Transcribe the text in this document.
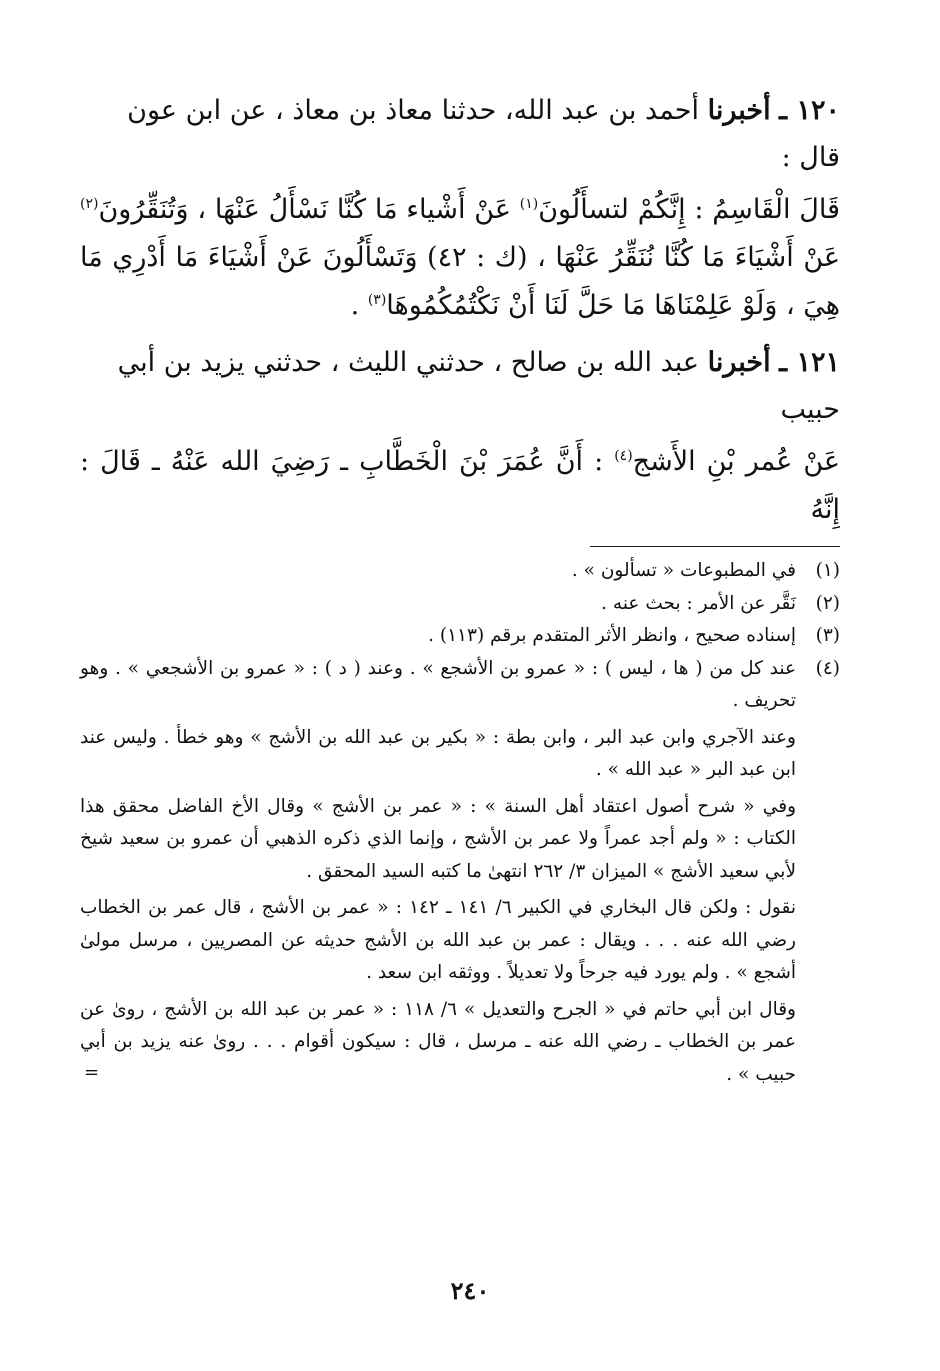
١٢٠ ـ أخبرنا أحمد بن عبد الله، حدثنا معاذ بن معاذ ، عن ابن عون
قال :
قَالَ الْقَاسِمُ : إِنَّكُمْ لتسأَلُونَ$^{(١)}$ عَنْ أَشْياء مَا كُنَّا نَسْأَلُ عَنْهَا ، وَتُنَقِّرُونَ$^{(٢)}$ عَنْ أَشْيَاءَ مَا كُنَّا نُنَقِّرُ عَنْهَا ، (ك : ٤٢) وَتَسْأَلُونَ عَنْ أَشْيَاءَ مَا أَدْرِي مَا هِيَ ، وَلَوْ عَلِمْنَاهَا مَا حَلَّ لَنَا أَنْ نَكْتُمُكُمُوهَا$^{(٣)}$ .
١٢١ ـ أخبرنا عبد الله بن صالح ، حدثني الليث ، حدثني يزيد بن أبي
حبيب
عَنْ عُمر بْنِ الأَشج$^{(٤)}$ : أَنَّ عُمَرَ بْنَ الْخَطَّابِ ـ رَضِيَ الله عَنْهُ ـ قَالَ : إِنَّهُ
(١)

في المطبوعات « تسألون » .

(٢)

نَقَّر عن الأمر : بحث عنه .

(٣)

إسناده صحيح ، وانظر الأثر المتقدم برقم (١١٣) .

(٤)

عند كل من ( ها ، ليس ) : « عمرو بن الأشجع » . وعند ( د ) : « عمرو بن الأشجعي » . وهو تحريف .

وعند الآجري وابن عبد البر ، وابن بطة : « بكير بن عبد الله بن الأشج » وهو خطأ . وليس عند ابن عبد البر « عبد الله » .

وفي « شرح أصول اعتقاد أهل السنة » : « عمر بن الأشج » وقال الأخ الفاضل محقق هذا الكتاب : « ولم أجد عمراً ولا عمر بن الأشج ، وإنما الذي ذكره الذهبي أن عمرو بن سعيد شيخ لأبي سعيد الأشج » الميزان ٣/ ٢٦٢ انتهىٰ ما كتبه السيد المحقق .

نقول : ولكن قال البخاري في الكبير ٦/ ١٤١ ـ ١٤٢ : « عمر بن الأشج ، قال عمر بن الخطاب رضي الله عنه . . . ويقال : عمر بن عبد الله بن الأشج حديثه عن المصريين ، مرسل مولىٰ أشجع » . ولم يورد فيه جرحاً ولا تعديلاً . ووثقه ابن سعد .

وقال ابن أبي حاتم في « الجرح والتعديل » ٦/ ١١٨ : « عمر بن عبد الله بن الأشج ، روىٰ عن عمر بن الخطاب ـ رضي الله عنه ـ مرسل ، قال : سيكون أقوام . . . روىٰ عنه يزيد بن أبي حبيب » .

=
٢٤٠
